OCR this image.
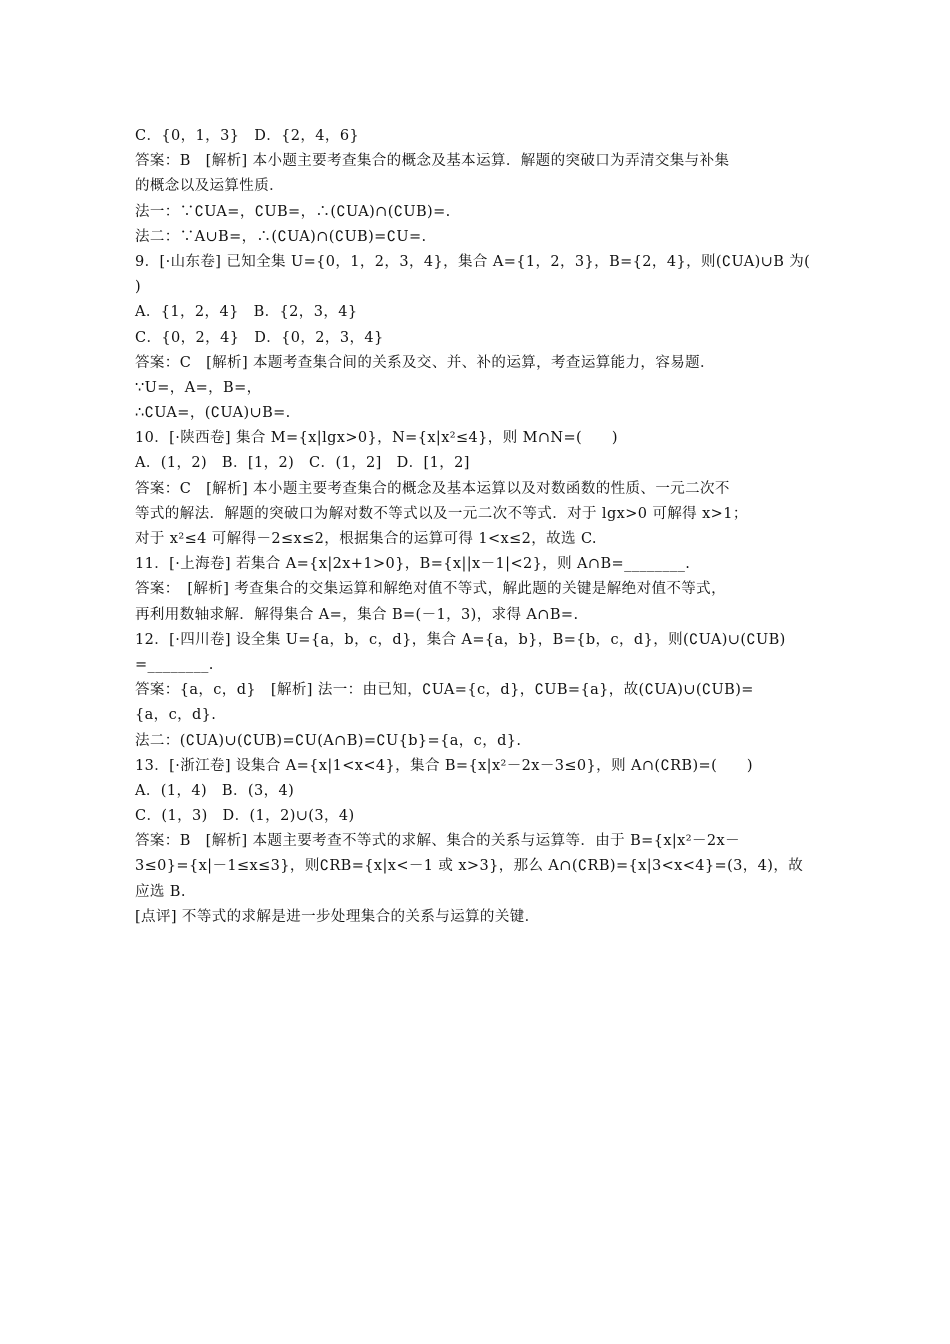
C．{0，1，3}　D．{2，4，6}
答案：B　[解析] 本小题主要考查集合的概念及基本运算．解题的突破口为弄清交集与补集
的概念以及运算性质．
法一：∵∁UA=，∁UB=，∴(∁UA)∩(∁UB)=.
法二：∵A∪B=，∴(∁UA)∩(∁UB)=∁U=.
9．[·山东卷] 已知全集 U={0，1，2，3，4}，集合 A={1，2，3}，B={2，4}，则(∁UA)∪B 为(
)
A．{1，2，4}　B．{2，3，4}
C．{0，2，4}　D．{0，2，3，4}
答案：C　[解析] 本题考查集合间的关系及交、并、补的运算，考查运算能力，容易题．
∵U=，A=，B=，
∴∁UA=，(∁UA)∪B=.
10．[·陕西卷] 集合 M={x|lgx>0}，N={x|x²≤4}，则 M∩N=(　　)
A．(1，2)　B．[1，2)　C．(1，2]　D．[1，2]
答案：C　[解析] 本小题主要考查集合的概念及基本运算以及对数函数的性质、一元二次不
等式的解法．解题的突破口为解对数不等式以及一元二次不等式．对于 lgx>0 可解得 x>1；
对于 x²≤4 可解得－2≤x≤2，根据集合的运算可得 1<x≤2，故选 C.
11．[·上海卷] 若集合 A={x|2x+1>0}，B={x||x－1|<2}，则 A∩B=________.
答案：　[解析] 考查集合的交集运算和解绝对值不等式，解此题的关键是解绝对值不等式，
再利用数轴求解．解得集合 A=，集合 B=(－1，3)，求得 A∩B=.
12．[·四川卷] 设全集 U={a，b，c，d}，集合 A={a，b}，B={b，c，d}，则(∁UA)∪(∁UB)
=________.
答案：{a，c，d}　[解析] 法一：由已知，∁UA={c，d}，∁UB={a}，故(∁UA)∪(∁UB)=
{a，c，d}.
法二：(∁UA)∪(∁UB)=∁U(A∩B)=∁U{b}={a，c，d}.
13．[·浙江卷] 设集合 A={x|1<x<4}，集合 B={x|x²－2x－3≤0}，则 A∩(∁RB)=(　　)
A．(1，4)　B．(3，4)
C．(1，3)　D．(1，2)∪(3，4)
答案：B　[解析] 本题主要考查不等式的求解、集合的关系与运算等．由于 B={x|x²－2x－
3≤0}={x|－1≤x≤3}，则∁RB={x|x<－1 或 x>3}，那么 A∩(∁RB)={x|3<x<4}=(3，4)，故
应选 B.
[点评] 不等式的求解是进一步处理集合的关系与运算的关键．
